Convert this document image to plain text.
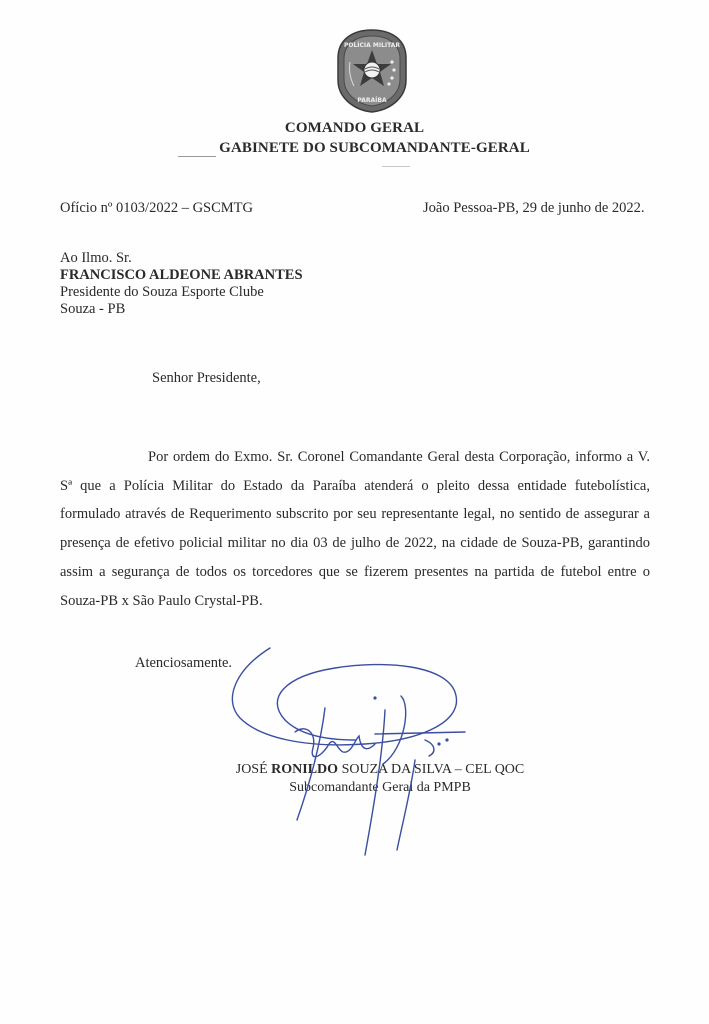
POLÍCIA MILITAR
PARAÍBA
COMANDO GERAL
GABINETE DO SUBCOMANDANTE-GERAL
Ofício nº 0103/2022 – GSCMTG	João Pessoa-PB, 29 de junho de 2022.
Ao Ilmo. Sr.
FRANCISCO ALDEONE ABRANTES
Presidente do Souza Esporte Clube
Souza - PB
Senhor Presidente,

Por ordem do Exmo. Sr. Coronel Comandante Geral desta Corporação, informo a V. Sª que a Polícia Militar do Estado da Paraíba atenderá o pleito dessa entidade futebolística, formulado através de Requerimento subscrito por seu representante legal, no sentido de assegurar a presença de efetivo policial militar no dia 03 de julho de 2022, na cidade de Souza-PB, garantindo assim a segurança de todos os torcedores que se fizerem presentes na partida de futebol entre o Souza-PB x São Paulo Crystal-PB.

Atenciosamente.
JOSÉ RONILDO SOUZA DA SILVA – CEL QOC
Subcomandante Geral da PMPB
